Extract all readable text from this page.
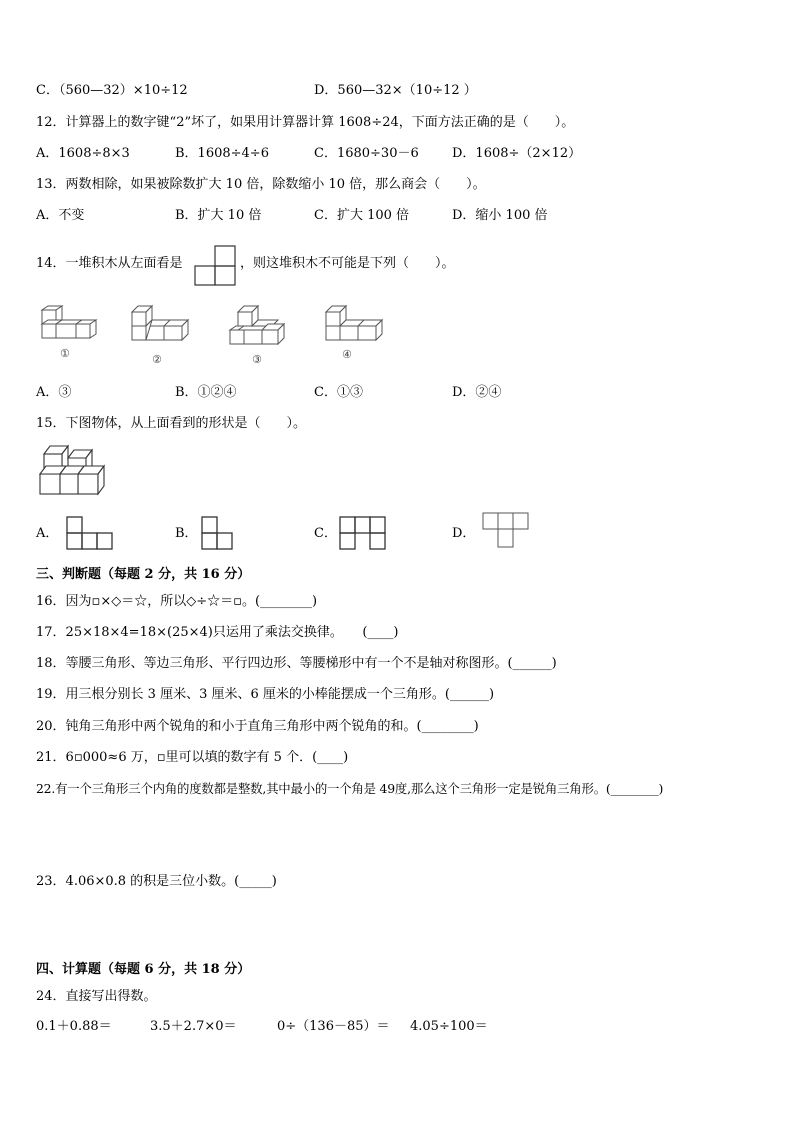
C．（560—32）×10÷12	D．560—32×（10÷12 ）
12．计算器上的数字键“2”坏了，如果用计算器计算 1608÷24，下面方法正确的是（　　）。
A．1608÷8×3	B．1608÷4÷6	C．1680÷30－6	D．1608÷（2×12）
13．两数相除，如果被除数扩大 10 倍，除数缩小 10 倍，那么商会（　　）。
A．不变	B．扩大 10 倍	C．扩大 100 倍	D．缩小 100 倍
14．一堆积木从左面看是	，则这堆积木不可能是下列（　　）。
①	②	③	④
A．③	B．①②④	C．①③	D．②④
15．下图物体，从上面看到的形状是（　　）。
A．	B．	C．	D．
三、判断题（每题 2 分，共 16 分）
16．因为▫×◇＝☆，所以◇÷☆＝▫。(________)
17．25×18×4=18×(25×4)只运用了乘法交换律。　　(____)
18．等腰三角形、等边三角形、平行四边形、等腰梯形中有一个不是轴对称图形。(______)
19．用三根分别长 3 厘米、3 厘米、6 厘米的小棒能摆成一个三角形。(______)
20．钝角三角形中两个锐角的和小于直角三角形中两个锐角的和。(________)
21．6▫000≈6 万，▫里可以填的数字有 5 个．(____)
22.有一个三角形三个内角的度数都是整数,其中最小的一个角是 49度,那么这个三角形一定是锐角三角形。(________)
23．4.06×0.8 的积是三位小数。(_____)
四、计算题（每题 6 分，共 18 分）
24．直接写出得数。
0.1＋0.88＝	3.5＋2.7×0＝	0÷（136－85）＝ 4.05÷100＝
